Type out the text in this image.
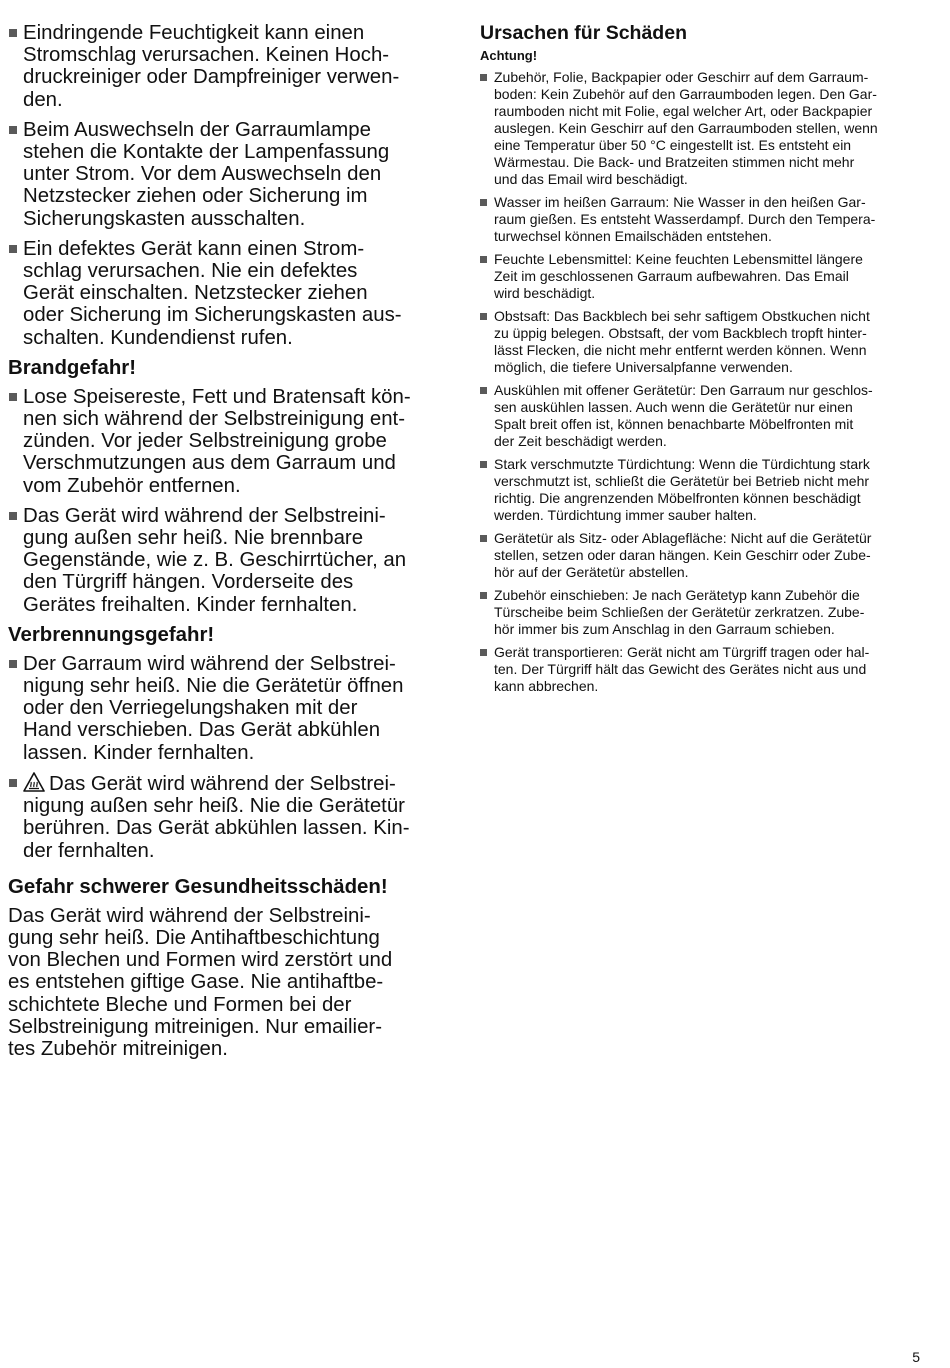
Eindringende Feuchtigkeit kann einen
Stromschlag verursachen. Keinen Hoch-
druckreiniger oder Dampfreiniger verwen-
den.
Beim Auswechseln der Garraumlampe
stehen die Kontakte der Lampenfassung
unter Strom. Vor dem Auswechseln den
Netzstecker ziehen oder Sicherung im
Sicherungskasten ausschalten.
Ein defektes Gerät kann einen Strom-
schlag verursachen. Nie ein defektes
Gerät einschalten. Netzstecker ziehen
oder Sicherung im Sicherungskasten aus-
schalten. Kundendienst rufen.
Brandgefahr!
Lose Speisereste, Fett und Bratensaft kön-
nen sich während der Selbstreinigung ent-
zünden. Vor jeder Selbstreinigung grobe
Verschmutzungen aus dem Garraum und
vom Zubehör entfernen.
Das Gerät wird während der Selbstreini-
gung außen sehr heiß. Nie brennbare
Gegenstände, wie z. B. Geschirrtücher, an
den Türgriff hängen. Vorderseite des
Gerätes freihalten. Kinder fernhalten.
Verbrennungsgefahr!
Der Garraum wird während der Selbstrei-
nigung sehr heiß. Nie die Gerätetür öffnen
oder den Verriegelungshaken mit der
Hand verschieben. Das Gerät abkühlen
lassen. Kinder fernhalten.
Das Gerät wird während der Selbstrei-
nigung außen sehr heiß. Nie die Gerätetür
berühren. Das Gerät abkühlen lassen. Kin-
der fernhalten.
Gefahr schwerer Gesundheitsschäden!

Das Gerät wird während der Selbstreini-
gung sehr heiß. Die Antihaftbeschichtung
von Blechen und Formen wird zerstört und
es entstehen giftige Gase. Nie antihaftbe-
schichtete Bleche und Formen bei der
Selbstreinigung mitreinigen. Nur emailier-
tes Zubehör mitreinigen.

Ursachen für Schäden
Achtung!
Zubehör, Folie, Backpapier oder Geschirr auf dem Garraum-
boden: Kein Zubehör auf den Garraumboden legen. Den Gar-
raumboden nicht mit Folie, egal welcher Art, oder Backpapier
auslegen. Kein Geschirr auf den Garraumboden stellen, wenn
eine Temperatur über 50 °C eingestellt ist. Es entsteht ein
Wärmestau. Die Back- und Bratzeiten stimmen nicht mehr
und das Email wird beschädigt.
Wasser im heißen Garraum: Nie Wasser in den heißen Gar-
raum gießen. Es entsteht Wasserdampf. Durch den Tempera-
turwechsel können Emailschäden entstehen.
Feuchte Lebensmittel: Keine feuchten Lebensmittel längere
Zeit im geschlossenen Garraum aufbewahren. Das Email
wird beschädigt.
Obstsaft: Das Backblech bei sehr saftigem Obstkuchen nicht
zu üppig belegen. Obstsaft, der vom Backblech tropft hinter-
lässt Flecken, die nicht mehr entfernt werden können. Wenn
möglich, die tiefere Universalpfanne verwenden.
Auskühlen mit offener Gerätetür: Den Garraum nur geschlos-
sen auskühlen lassen. Auch wenn die Gerätetür nur einen
Spalt breit offen ist, können benachbarte Möbelfronten mit
der Zeit beschädigt werden.
Stark verschmutzte Türdichtung: Wenn die Türdichtung stark
verschmutzt ist, schließt die Gerätetür bei Betrieb nicht mehr
richtig. Die angrenzenden Möbelfronten können beschädigt
werden. Türdichtung immer sauber halten.
Gerätetür als Sitz- oder Ablagefläche: Nicht auf die Gerätetür
stellen, setzen oder daran hängen. Kein Geschirr oder Zube-
hör auf der Gerätetür abstellen.
Zubehör einschieben: Je nach Gerätetyp kann Zubehör die
Türscheibe beim Schließen der Gerätetür zerkratzen. Zube-
hör immer bis zum Anschlag in den Garraum schieben.
Gerät transportieren: Gerät nicht am Türgriff tragen oder hal-
ten. Der Türgriff hält das Gewicht des Gerätes nicht aus und
kann abbrechen.
5
